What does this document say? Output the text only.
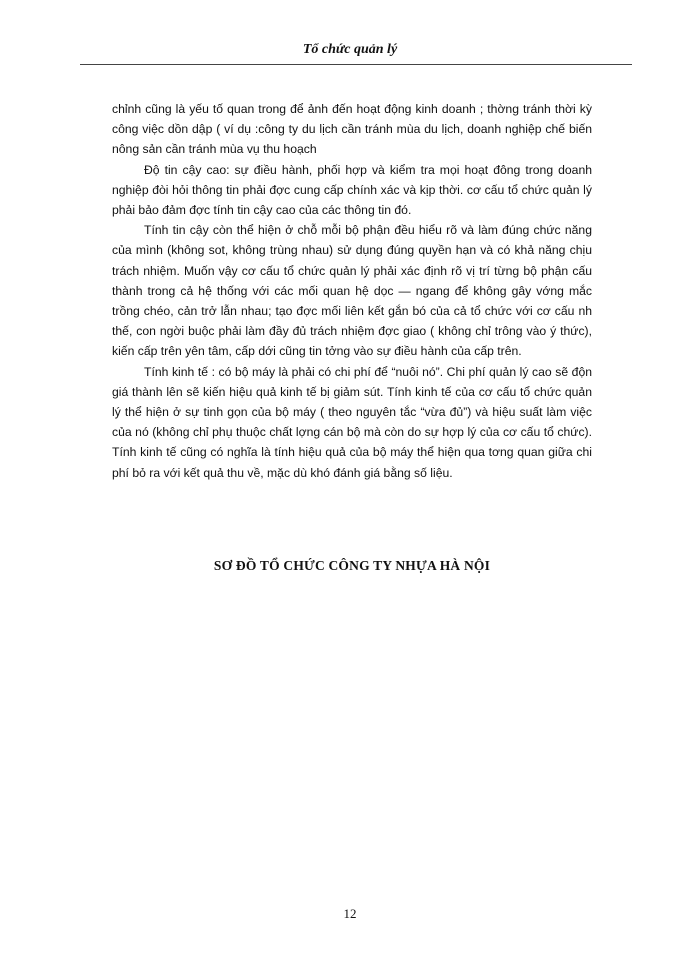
Tổ chức quản lý

chỉnh cũng là yếu tố quan trong để ảnh đến hoạt động kinh doanh ; thờng tránh thời kỳ công việc dồn dập ( ví dụ :công ty du lịch cần tránh mùa du lịch, doanh nghiệp chế biến nông sản cần tránh mùa vụ thu hoạch

Độ tin cậy cao: sự điều hành, phối hợp và kiểm tra mọi hoạt đông trong doanh nghiệp đòi hỏi thông tin phải đợc cung cấp chính xác và kịp thời. cơ cấu tổ chức quản lý phải bảo đảm đợc tính tin cậy cao của các thông tin đó.

Tính tin cậy còn thể hiện ở chỗ mỗi bộ phận đều hiểu rõ và làm đúng chức năng của mình (không sot, không trùng nhau) sử dụng đúng quyền hạn và có khả năng chịu trách nhiệm. Muốn vậy cơ cấu tổ chức quản lý phải xác định rõ vị trí từng bộ phận cấu thành trong cả hệ thống với các mối quan hệ dọc — ngang để không gây vớng mắc trồng chéo, cản trở lẫn nhau; tạo đợc mối liên kết gắn bó của cả tổ chức với cơ cấu nh thế, con ngời buộc phải làm đầy đủ trách nhiệm đợc giao ( không chỉ trông vào ý thức), kiến cấp trên yên tâm, cấp dới cũng tin tởng vào sự điều hành của cấp trên.

Tính kinh tế : có bộ máy là phải có chi phí để “nuôi nó”. Chi phí quản lý cao sẽ độn giá thành lên sẽ kiến hiệu quả kinh tế bị giảm sút. Tính kinh tế của cơ cấu tổ chức quản lý thể hiện ở sự tinh gọn của bộ máy ( theo nguyên tắc “vừa đủ”) và hiệu suất làm việc của nó (không chỉ phụ thuộc chất lợng cán bộ mà còn do sự hợp lý của cơ cấu tổ chức). Tính kinh tế cũng có nghĩa là tính hiệu quả của bộ máy thể hiện qua tơng quan giữa chi phí bỏ ra với kết quả thu về, mặc dù khó đánh giá bằng số liệu.

SƠ ĐỒ TỔ CHỨC CÔNG TY NHỰA HÀ NỘI
12
